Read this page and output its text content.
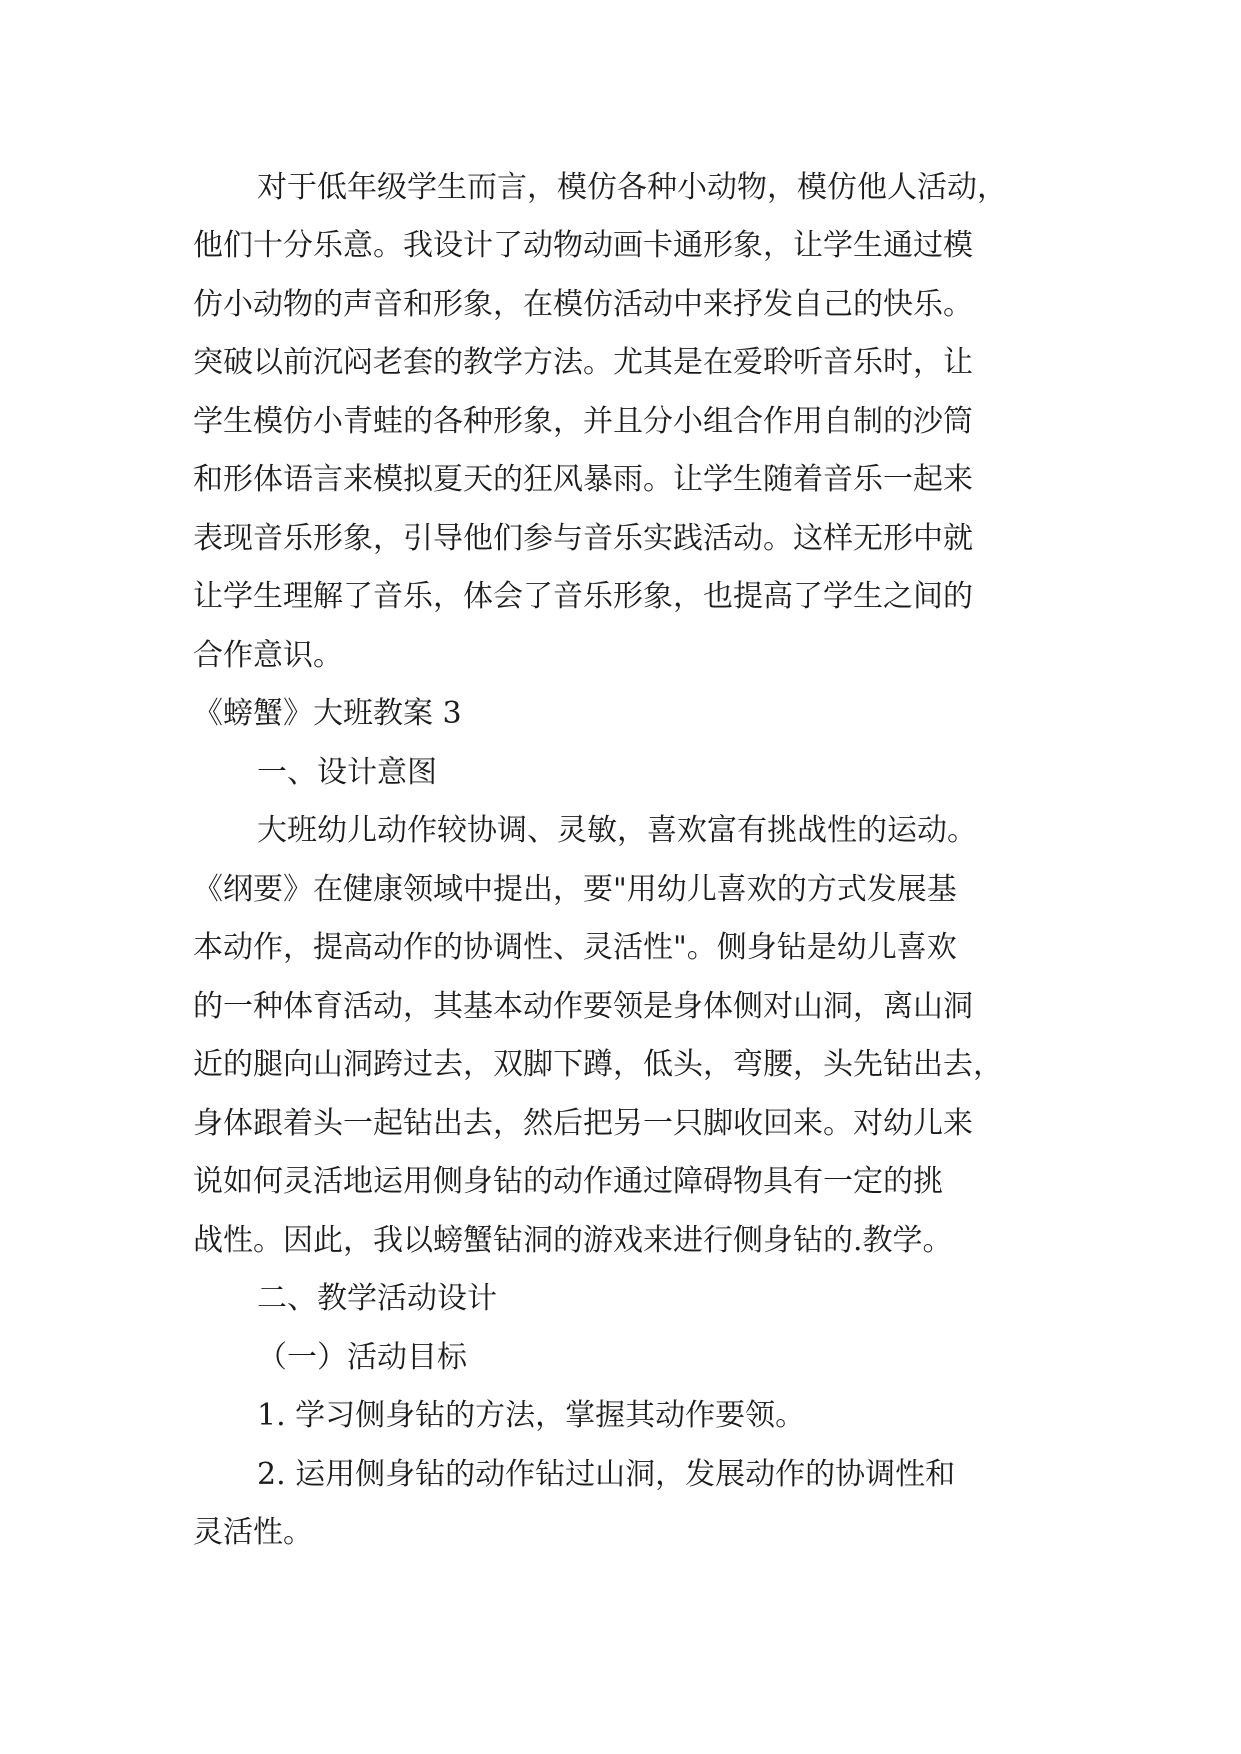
对于低年级学生而言，模仿各种小动物，模仿他人活动，
他们十分乐意。我设计了动物动画卡通形象，让学生通过模
仿小动物的声音和形象，在模仿活动中来抒发自己的快乐。
突破以前沉闷老套的教学方法。尤其是在爱聆听音乐时，让
学生模仿小青蛙的各种形象，并且分小组合作用自制的沙筒
和形体语言来模拟夏天的狂风暴雨。让学生随着音乐一起来
表现音乐形象，引导他们参与音乐实践活动。这样无形中就
让学生理解了音乐，体会了音乐形象，也提高了学生之间的
合作意识。
《螃蟹》大班教案 3
一、设计意图
大班幼儿动作较协调、灵敏，喜欢富有挑战性的运动。
《纲要》在健康领域中提出，要"用幼儿喜欢的方式发展基
本动作，提高动作的协调性、灵活性"。侧身钻是幼儿喜欢
的一种体育活动，其基本动作要领是身体侧对山洞，离山洞
近的腿向山洞跨过去，双脚下蹲，低头，弯腰，头先钻出去，
身体跟着头一起钻出去，然后把另一只脚收回来。对幼儿来
说如何灵活地运用侧身钻的动作通过障碍物具有一定的挑
战性。因此，我以螃蟹钻洞的游戏来进行侧身钻的.教学。
二、教学活动设计
（一）活动目标
1. 学习侧身钻的方法，掌握其动作要领。
2. 运用侧身钻的动作钻过山洞，发展动作的协调性和
灵活性。
